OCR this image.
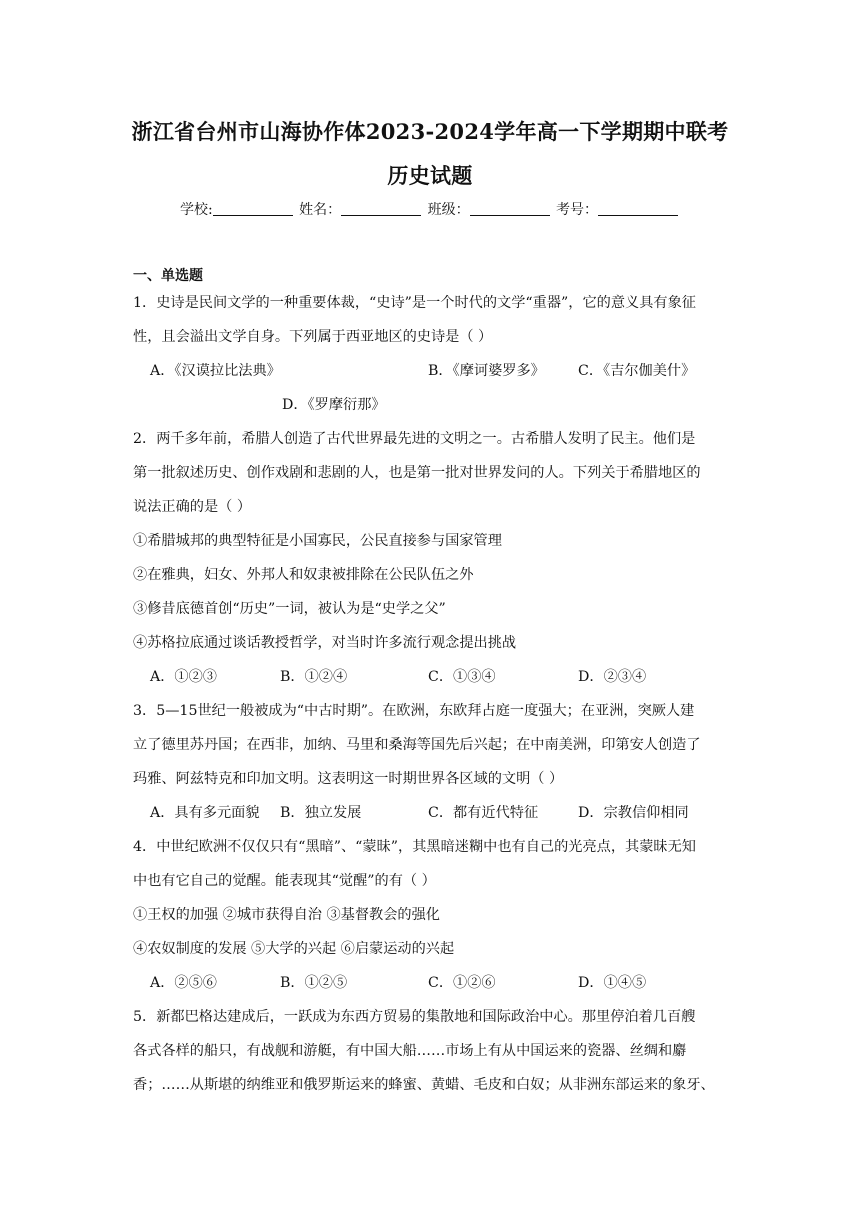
浙江省台州市山海协作体2023-2024学年高一下学期期中联考
历史试题
学校:	姓名：	班级：	考号：
一、单选题
1．史诗是民间文学的一种重要体裁，“史诗”是一个时代的文学“重器”，它的意义具有象征
性，且会溢出文学自身。下列属于西亚地区的史诗是（ ）
A．《汉谟拉比法典》	B．《摩诃婆罗多》 C．《吉尔伽美什》
D．《罗摩衍那》
2．两千多年前，希腊人创造了古代世界最先进的文明之一。古希腊人发明了民主。他们是
第一批叙述历史、创作戏剧和悲剧的人，也是第一批对世界发问的人。下列关于希腊地区的
说法正确的是（ ）
①希腊城邦的典型特征是小国寡民，公民直接参与国家管理
②在雅典，妇女、外邦人和奴隶被排除在公民队伍之外
③修昔底德首创“历史”一词，被认为是“史学之父”
④苏格拉底通过谈话教授哲学，对当时许多流行观念提出挑战
A．①②③	B．①②④	C．①③④	D．②③④
3．5—15世纪一般被成为“中古时期”。在欧洲，东欧拜占庭一度强大；在亚洲，突厥人建
立了德里苏丹国；在西非，加纳、马里和桑海等国先后兴起；在中南美洲，印第安人创造了
玛雅、阿兹特克和印加文明。这表明这一时期世界各区域的文明（ ）
A．具有多元面貌 B．独立发展	C．都有近代特征	D．宗教信仰相同
4．中世纪欧洲不仅仅只有“黑暗”、“蒙昧”，其黑暗迷糊中也有自己的光亮点，其蒙昧无知
中也有它自己的觉醒。能表现其“觉醒”的有（ ）
①王权的加强 ②城市获得自治 ③基督教会的强化
④农奴制度的发展 ⑤大学的兴起 ⑥启蒙运动的兴起
A．②⑤⑥	B．①②⑤	C．①②⑥	D．①④⑤
5．新都巴格达建成后，一跃成为东西方贸易的集散地和国际政治中心。那里停泊着几百艘
各式各样的船只，有战舰和游艇，有中国大船……市场上有从中国运来的瓷器、丝绸和麝
香；……从斯堪的纳维亚和俄罗斯运来的蜂蜜、黄蜡、毛皮和白奴；从非洲东部运来的象牙、
